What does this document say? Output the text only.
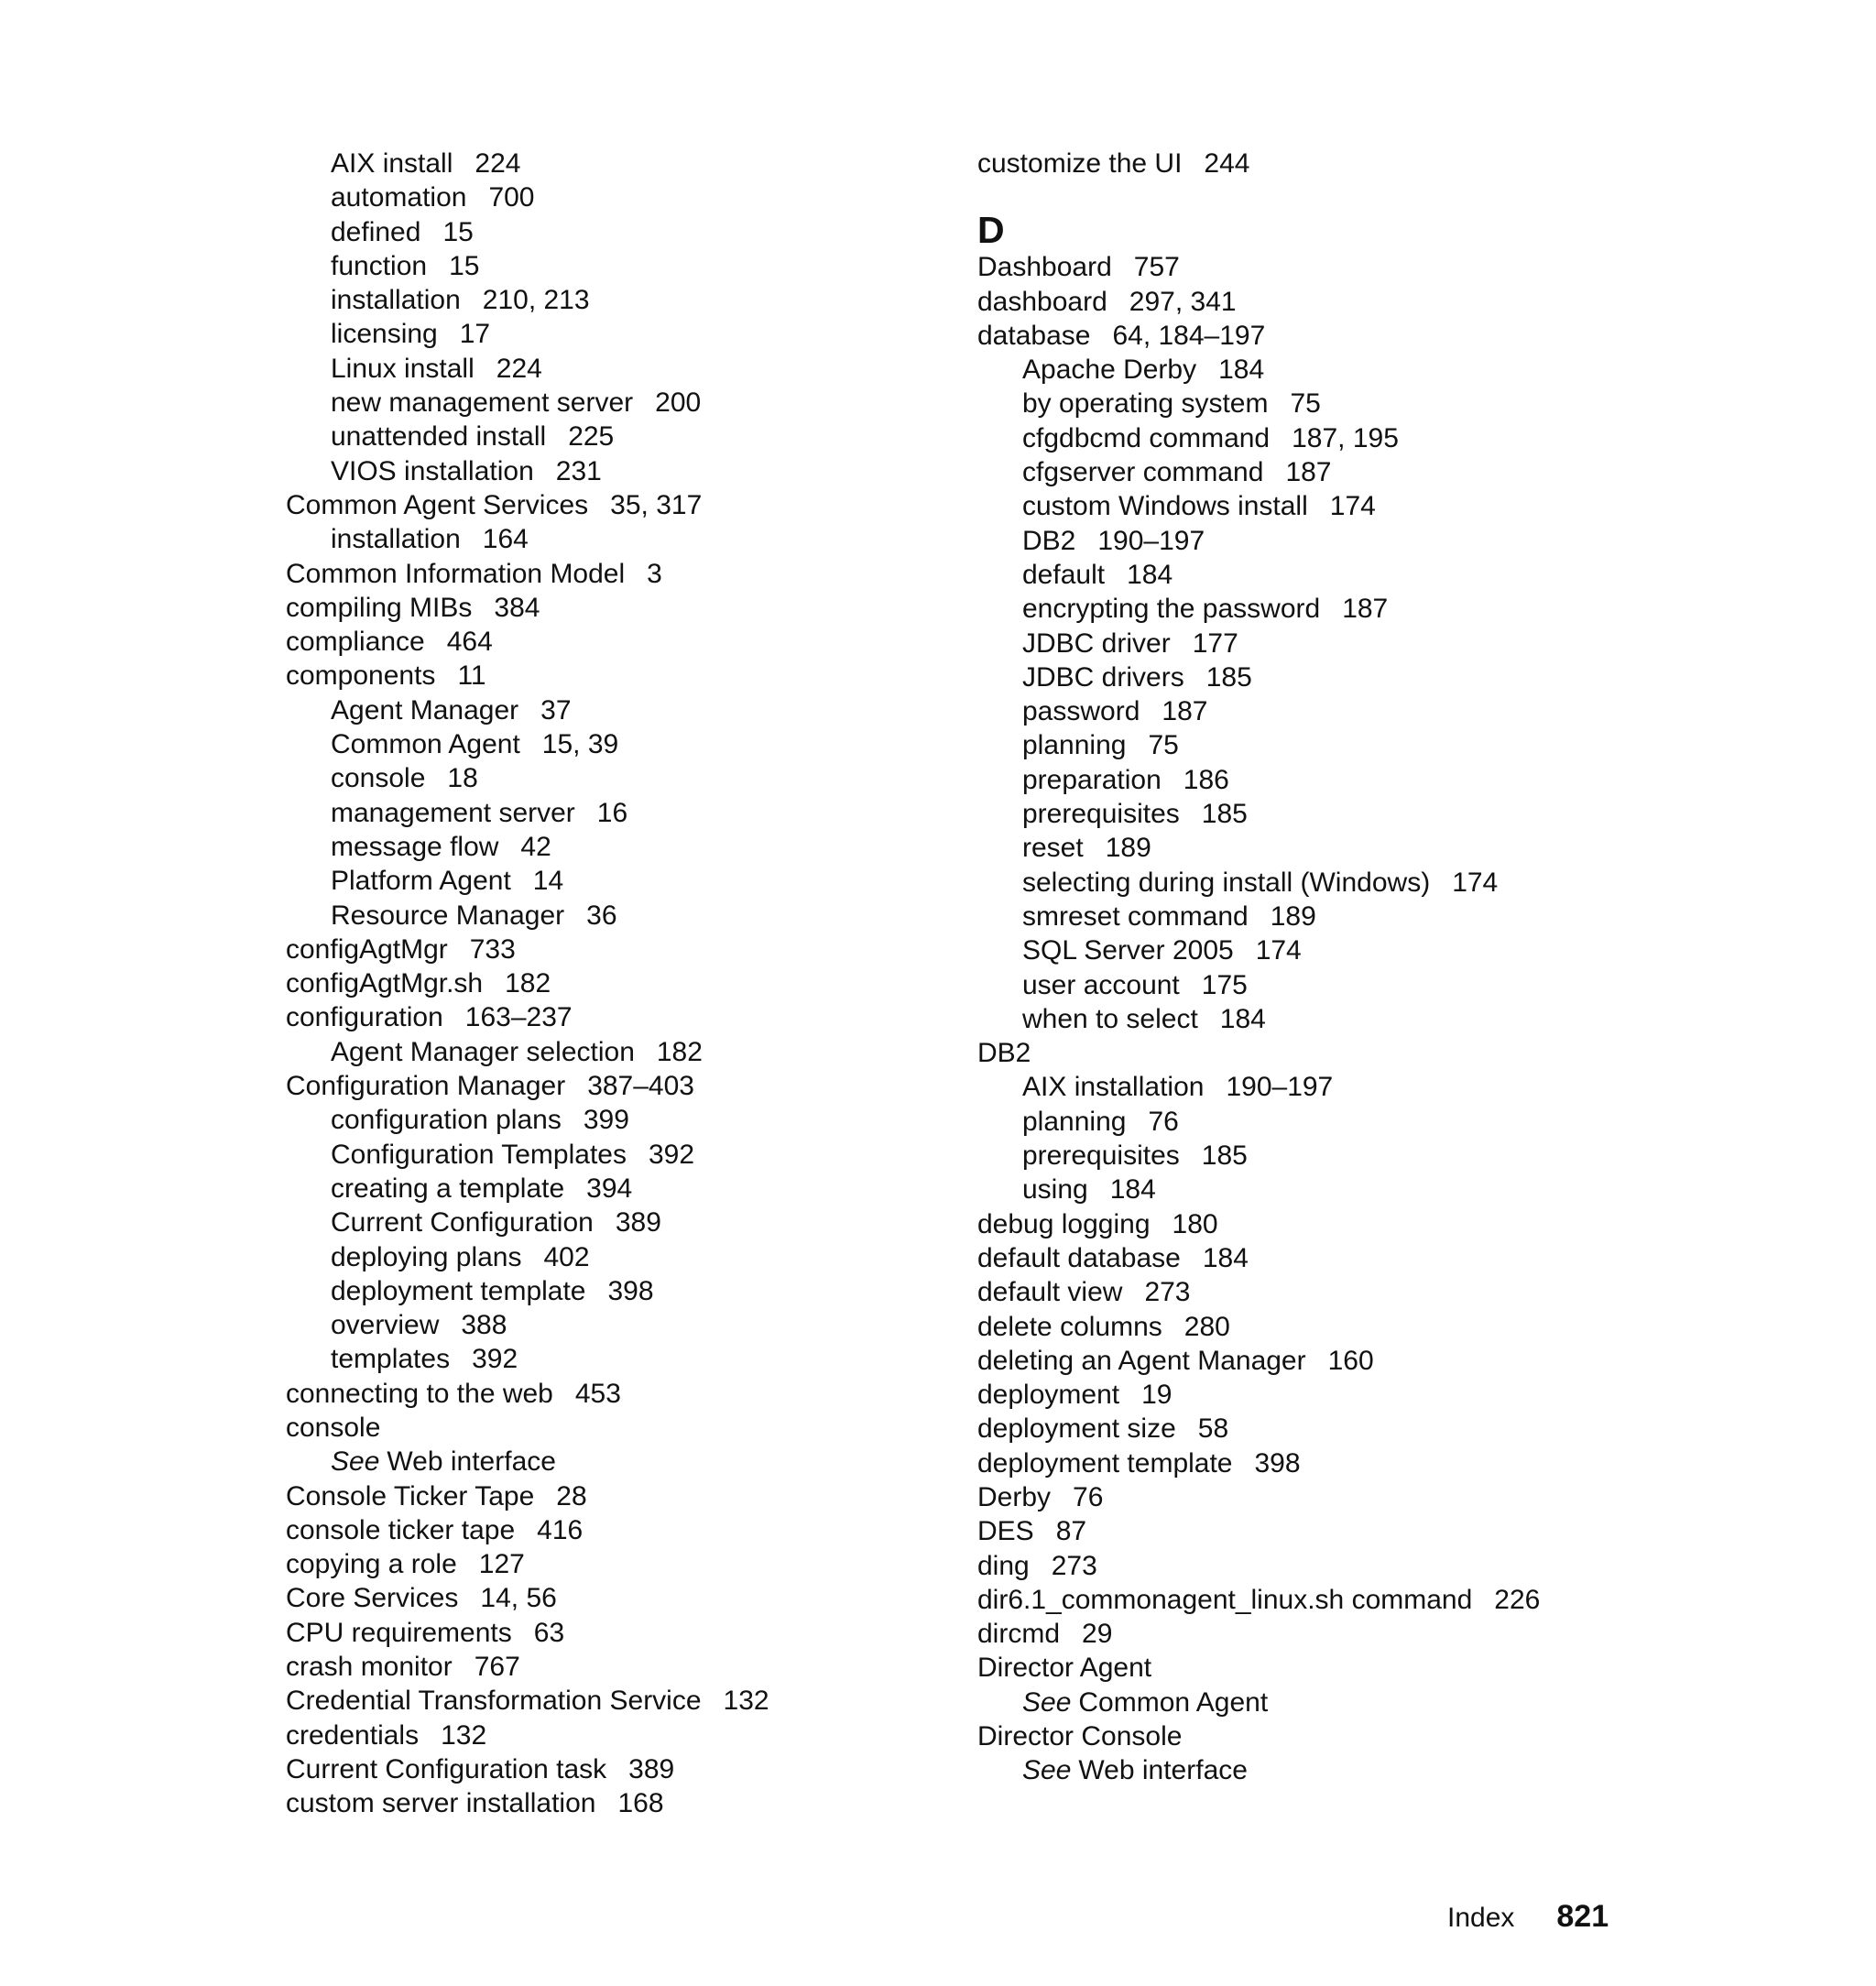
AIX install 224
automation 700
defined 15
function 15
installation 210, 213
licensing 17
Linux install 224
new management server 200
unattended install 225
VIOS installation 231
Common Agent Services 35, 317
installation 164
Common Information Model 3
compiling MIBs 384
compliance 464
components 11
Agent Manager 37
Common Agent 15, 39
console 18
management server 16
message flow 42
Platform Agent 14
Resource Manager 36
configAgtMgr 733
configAgtMgr.sh 182
configuration 163–237
Agent Manager selection 182
Configuration Manager 387–403
configuration plans 399
Configuration Templates 392
creating a template 394
Current Configuration 389
deploying plans 402
deployment template 398
overview 388
templates 392
connecting to the web 453
console
See Web interface
Console Ticker Tape 28
console ticker tape 416
copying a role 127
Core Services 14, 56
CPU requirements 63
crash monitor 767
Credential Transformation Service 132
credentials 132
Current Configuration task 389
custom server installation 168
customize the UI 244
D
Dashboard 757
dashboard 297, 341
database 64, 184–197
Apache Derby 184
by operating system 75
cfgdbcmd command 187, 195
cfgserver command 187
custom Windows install 174
DB2 190–197
default 184
encrypting the password 187
JDBC driver 177
JDBC drivers 185
password 187
planning 75
preparation 186
prerequisites 185
reset 189
selecting during install (Windows) 174
smreset command 189
SQL Server 2005 174
user account 175
when to select 184
DB2
AIX installation 190–197
planning 76
prerequisites 185
using 184
debug logging 180
default database 184
default view 273
delete columns 280
deleting an Agent Manager 160
deployment 19
deployment size 58
deployment template 398
Derby 76
DES 87
ding 273
dir6.1_commonagent_linux.sh command 226
dircmd 29
Director Agent
See Common Agent
Director Console
See Web interface
Index 821
